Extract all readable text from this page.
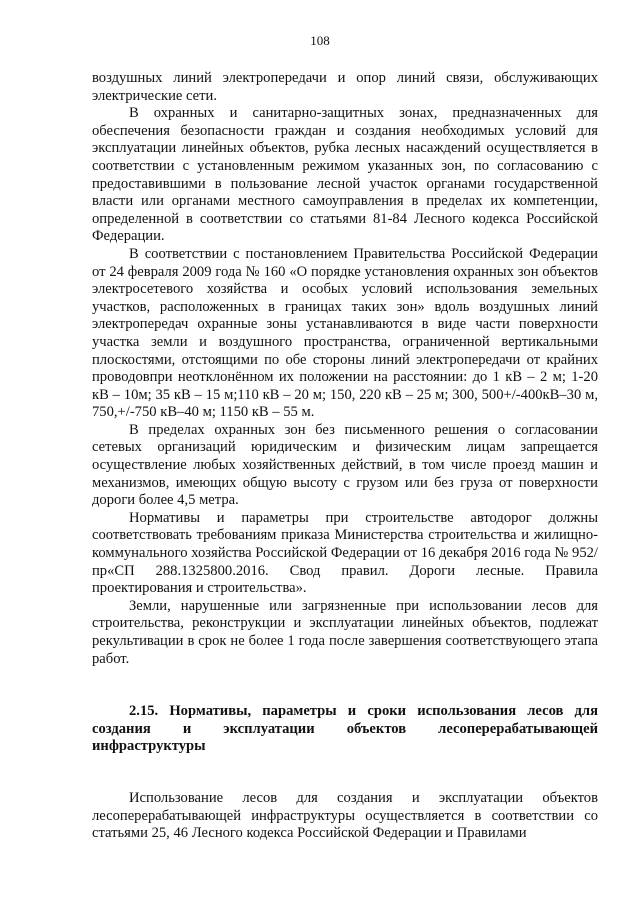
108

воздушных линий электропередачи и опор линий связи, обслуживающих электрические сети.

В охранных и санитарно-защитных зонах, предназначенных для обеспечения безопасности граждан и создания необходимых условий для эксплуатации линейных объектов, рубка лесных насаждений осуществляется в соответствии с установленным режимом указанных зон, по согласованию с предоставившими в пользование лесной участок органами государственной власти или органами местного самоуправления в пределах их компетенции, определенной в соответствии со статьями 81-84 Лесного кодекса Российской Федерации.

В соответствии с постановлением Правительства Российской Федерации от 24 февраля 2009 года № 160 «О порядке установления охранных зон объектов электросетевого хозяйства и особых условий использования земельных участков, расположенных в границах таких зон» вдоль воздушных линий электропередач охранные зоны устанавливаются в виде части поверхности участка земли и воздушного пространства, ограниченной вертикальными плоскостями, отстоящими по обе стороны линий электропередачи от крайних проводовпри неотклонённом их положении на расстоянии: до 1 кВ – 2 м; 1-20 кВ – 10м; 35 кВ – 15 м;110 кВ – 20 м; 150, 220 кВ – 25 м; 300, 500+/-400кВ–30 м, 750,+/-750 кВ–40 м; 1150 кВ – 55 м.

В пределах охранных зон без письменного решения о согласовании сетевых организаций юридическим и физическим лицам запрещается осуществление любых хозяйственных действий, в том числе проезд машин и механизмов, имеющих общую высоту с грузом или без груза от поверхности дороги более 4,5 метра.

Нормативы и параметры при строительстве автодорог должны соответствовать требованиям приказа Министерства строительства и жилищно-коммунального хозяйства Российской Федерации от 16 декабря 2016 года № 952/пр«СП 288.1325800.2016. Свод правил. Дороги лесные. Правила проектирования и строительства».

Земли, нарушенные или загрязненные при использовании лесов для строительства, реконструкции и эксплуатации линейных объектов, подлежат рекультивации в срок не более 1 года после завершения соответствующего этапа работ.

2.15. Нормативы, параметры и сроки использования лесов для создания и эксплуатации объектов лесоперерабатывающей инфраструктуры

Использование лесов для создания и эксплуатации объектов лесоперерабатывающей инфраструктуры осуществляется в соответствии со статьями 25, 46 Лесного кодекса Российской Федерации и Правилами
